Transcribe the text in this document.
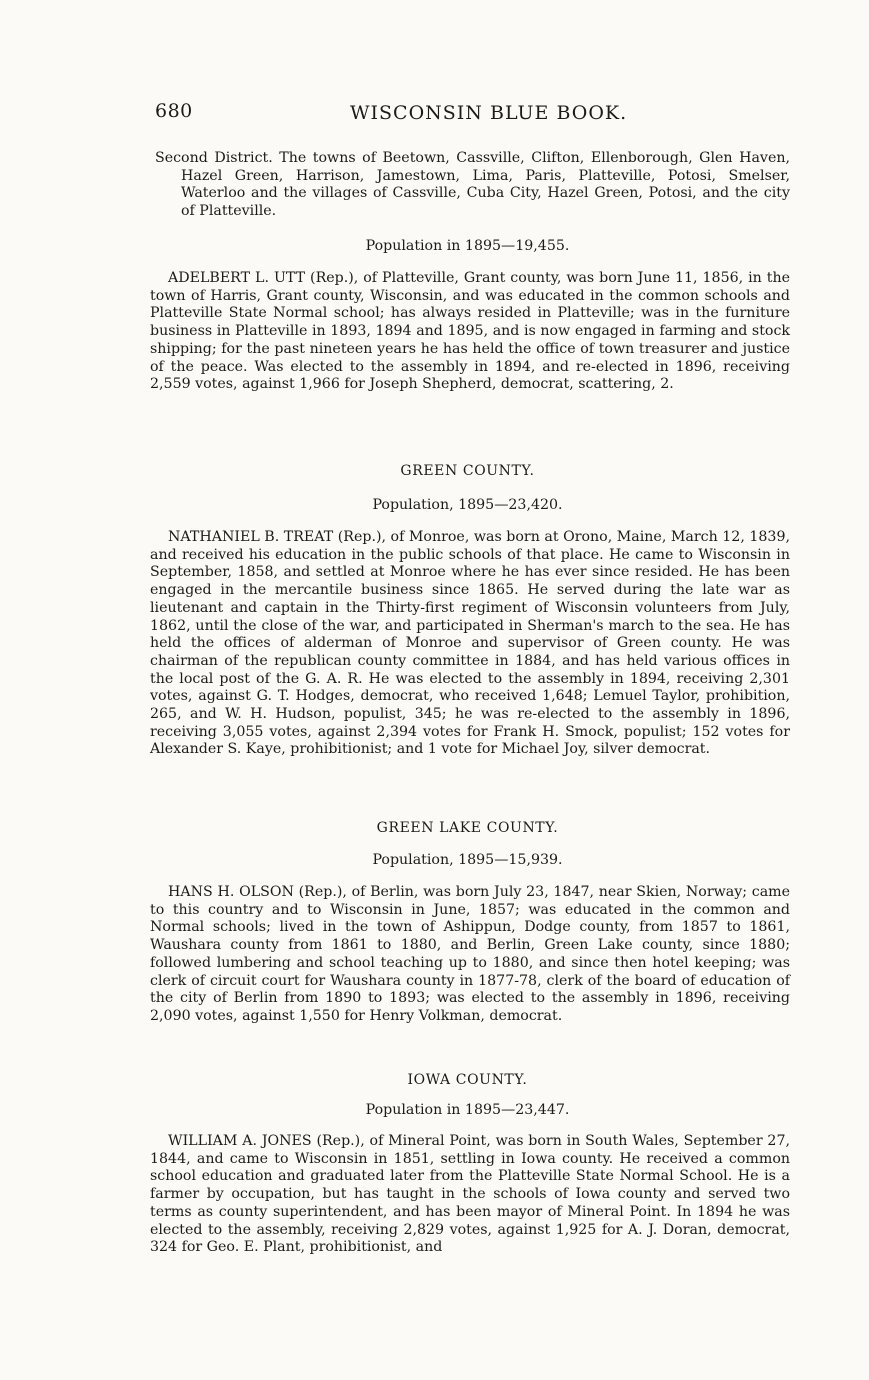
680	WISCONSIN BLUE BOOK.

Second District. The towns of Beetown, Cassville, Clifton, Ellenborough, Glen Haven, Hazel Green, Harrison, Jamestown, Lima, Paris, Platteville, Potosi, Smelser, Waterloo and the villages of Cassville, Cuba City, Hazel Green, Potosi, and the city of Platteville.

Population in 1895—19,455.

ADELBERT L. UTT (Rep.), of Platteville, Grant county, was born June 11, 1856, in the town of Harris, Grant county, Wisconsin, and was educated in the common schools and Platteville State Normal school; has always resided in Platteville; was in the furniture business in Platteville in 1893, 1894 and 1895, and is now engaged in farming and stock shipping; for the past nineteen years he has held the office of town treasurer and justice of the peace. Was elected to the assembly in 1894, and re-elected in 1896, receiving 2,559 votes, against 1,966 for Joseph Shepherd, democrat, scattering, 2.

GREEN COUNTY.
Population, 1895—23,420.

NATHANIEL B. TREAT (Rep.), of Monroe, was born at Orono, Maine, March 12, 1839, and received his education in the public schools of that place. He came to Wisconsin in September, 1858, and settled at Monroe where he has ever since resided. He has been engaged in the mercantile business since 1865. He served during the late war as lieutenant and captain in the Thirty-first regiment of Wisconsin volunteers from July, 1862, until the close of the war, and participated in Sherman's march to the sea. He has held the offices of alderman of Monroe and supervisor of Green county. He was chairman of the republican county committee in 1884, and has held various offices in the local post of the G. A. R. He was elected to the assembly in 1894, receiving 2,301 votes, against G. T. Hodges, democrat, who received 1,648; Lemuel Taylor, prohibition, 265, and W. H. Hudson, populist, 345; he was re-elected to the assembly in 1896, receiving 3,055 votes, against 2,394 votes for Frank H. Smock, populist; 152 votes for Alexander S. Kaye, prohibitionist; and 1 vote for Michael Joy, silver democrat.

GREEN LAKE COUNTY.
Population, 1895—15,939.

HANS H. OLSON (Rep.), of Berlin, was born July 23, 1847, near Skien, Norway; came to this country and to Wisconsin in June, 1857; was educated in the common and Normal schools; lived in the town of Ashippun, Dodge county, from 1857 to 1861, Waushara county from 1861 to 1880, and Berlin, Green Lake county, since 1880; followed lumbering and school teaching up to 1880, and since then hotel keeping; was clerk of circuit court for Waushara county in 1877-78, clerk of the board of education of the city of Berlin from 1890 to 1893; was elected to the assembly in 1896, receiving 2,090 votes, against 1,550 for Henry Volkman, democrat.

IOWA COUNTY.
Population in 1895—23,447.

WILLIAM A. JONES (Rep.), of Mineral Point, was born in South Wales, September 27, 1844, and came to Wisconsin in 1851, settling in Iowa county. He received a common school education and graduated later from the Platteville State Normal School. He is a farmer by occupation, but has taught in the schools of Iowa county and served two terms as county superintendent, and has been mayor of Mineral Point. In 1894 he was elected to the assembly, receiving 2,829 votes, against 1,925 for A. J. Doran, democrat, 324 for Geo. E. Plant, prohibitionist, and
